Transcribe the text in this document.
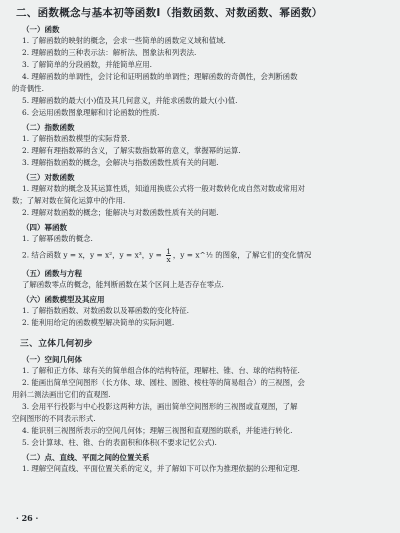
二、函数概念与基本初等函数Ⅰ（指数函数、对数函数、幂函数）
（一）函数
1. 了解函数的映射的概念，会求一些简单的函数定义域和值域.
2. 理解函数的三种表示法：解析法、图象法和列表法.
3. 了解简单的分段函数，并能简单应用.
4. 理解函数的单调性，会讨论和证明函数的单调性；理解函数的奇偶性，会判断函数
的奇偶性.
5. 理解函数的最大(小)值及其几何意义，并能求函数的最大(小)值.
6. 会运用函数图象理解和讨论函数的性质.
（二）指数函数
1. 了解指数函数模型的实际背景.
2. 理解有理指数幂的含义，了解实数指数幂的意义，掌握幂的运算.
3. 理解指数函数的概念，会解决与指数函数性质有关的问题.
（三）对数函数
1. 理解对数的概念及其运算性质，知道用换底公式将一般对数转化成自然对数或常用对
数；了解对数在简化运算中的作用.
2. 理解对数函数的概念；能解决与对数函数性质有关的问题.
（四）幂函数
1. 了解幂函数的概念.
2. 结合函数 y = x，y = x²，y = x³，$y = \frac{1}{x}$ ，y = x^½ 的图象，了解它们的变化情况
（五）函数与方程
了解函数零点的概念，能判断函数在某个区间上是否存在零点.
（六）函数模型及其应用
1. 了解指数函数、对数函数以及幂函数的变化特征.
2. 能利用给定的函数模型解决简单的实际问题.
三、立体几何初步
（一）空间几何体
1. 了解和正方体、球有关的简单组合体的结构特征，理解柱、锥、台、球的结构特征.
2. 能画出简单空间图形（长方体、球、圆柱、圆锥、棱柱等的简易组合）的三视图，会
用斜二测法画出它们的直观图.
3. 会用平行投影与中心投影这两种方法，画出简单空间图形的三视图或直观图，了解
空间图形的不同表示形式.
4. 能识别三视图所表示的空间几何体；理解三视图和直观图的联系，并能进行转化.
5. 会计算球、柱、锥、台的表面积和体积(不要求记忆公式).
（二）点、直线、平面之间的位置关系
1. 理解空间直线、平面位置关系的定义，并了解如下可以作为推理依据的公理和定理.
· 26 ·
